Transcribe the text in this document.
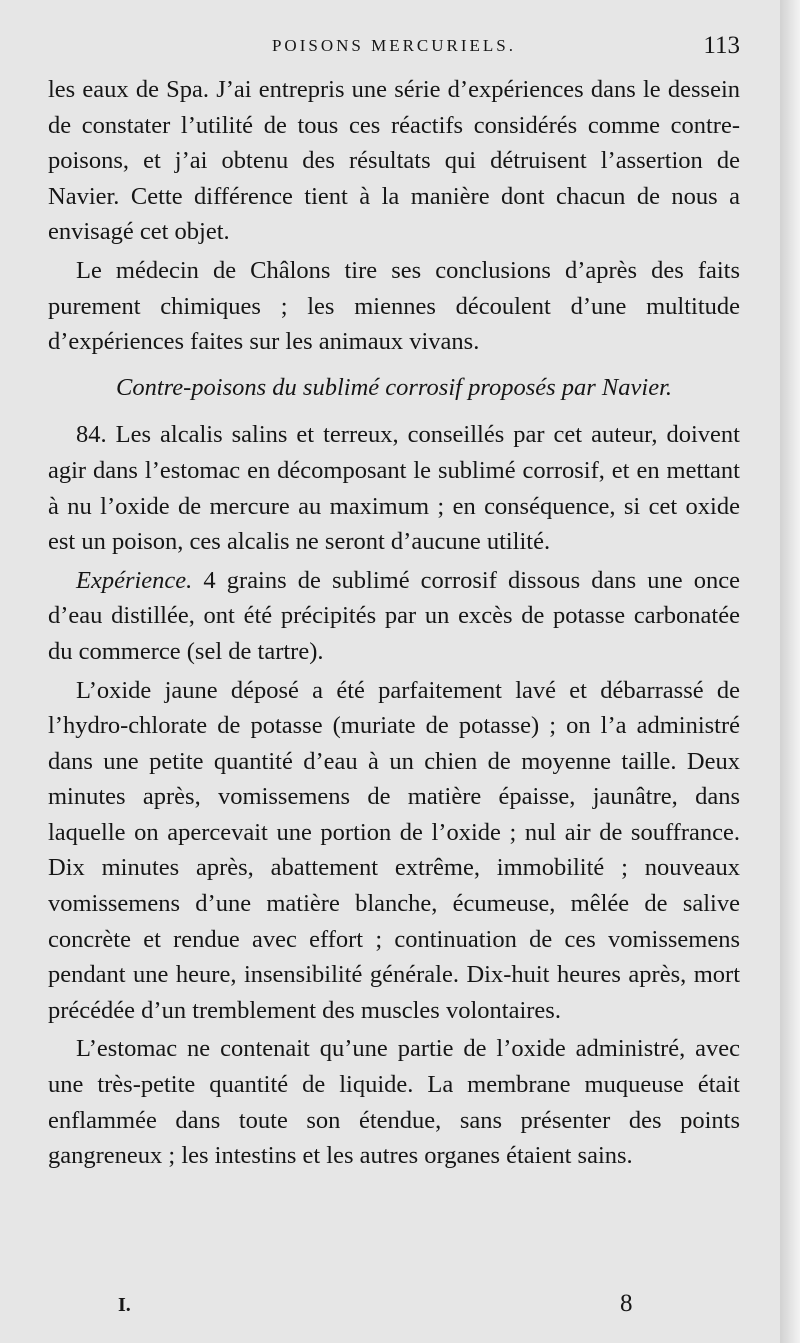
POISONS MERCURIELS.	113

les eaux de Spa. J’ai entrepris une série d’expériences dans le dessein de constater l’utilité de tous ces réactifs considérés comme contre-poisons, et j’ai obtenu des résultats qui détruisent l’assertion de Navier. Cette différence tient à la manière dont chacun de nous a envisagé cet objet.

Le médecin de Châlons tire ses conclusions d’après des faits purement chimiques ; les miennes découlent d’une multitude d’expériences faites sur les animaux vivans.

Contre-poisons du sublimé corrosif proposés par Navier.

84. Les alcalis salins et terreux, conseillés par cet auteur, doivent agir dans l’estomac en décomposant le sublimé corrosif, et en mettant à nu l’oxide de mercure au maximum ; en conséquence, si cet oxide est un poison, ces alcalis ne seront d’aucune utilité.

Expérience. 4 grains de sublimé corrosif dissous dans une once d’eau distillée, ont été précipités par un excès de potasse carbonatée du commerce (sel de tartre).

L’oxide jaune déposé a été parfaitement lavé et débarrassé de l’hydro-chlorate de potasse (muriate de potasse) ; on l’a administré dans une petite quantité d’eau à un chien de moyenne taille. Deux minutes après, vomissemens de matière épaisse, jaunâtre, dans laquelle on apercevait une portion de l’oxide ; nul air de souffrance. Dix minutes après, abattement extrême, immobilité ; nouveaux vomissemens d’une matière blanche, écumeuse, mêlée de salive concrète et rendue avec effort ; continuation de ces vomissemens pendant une heure, insensibilité générale. Dix-huit heures après, mort précédée d’un tremblement des muscles volontaires.

L’estomac ne contenait qu’une partie de l’oxide administré, avec une très-petite quantité de liquide. La membrane muqueuse était enflammée dans toute son étendue, sans présenter des points gangreneux ; les intestins et les autres organes étaient sains.

I.	8
